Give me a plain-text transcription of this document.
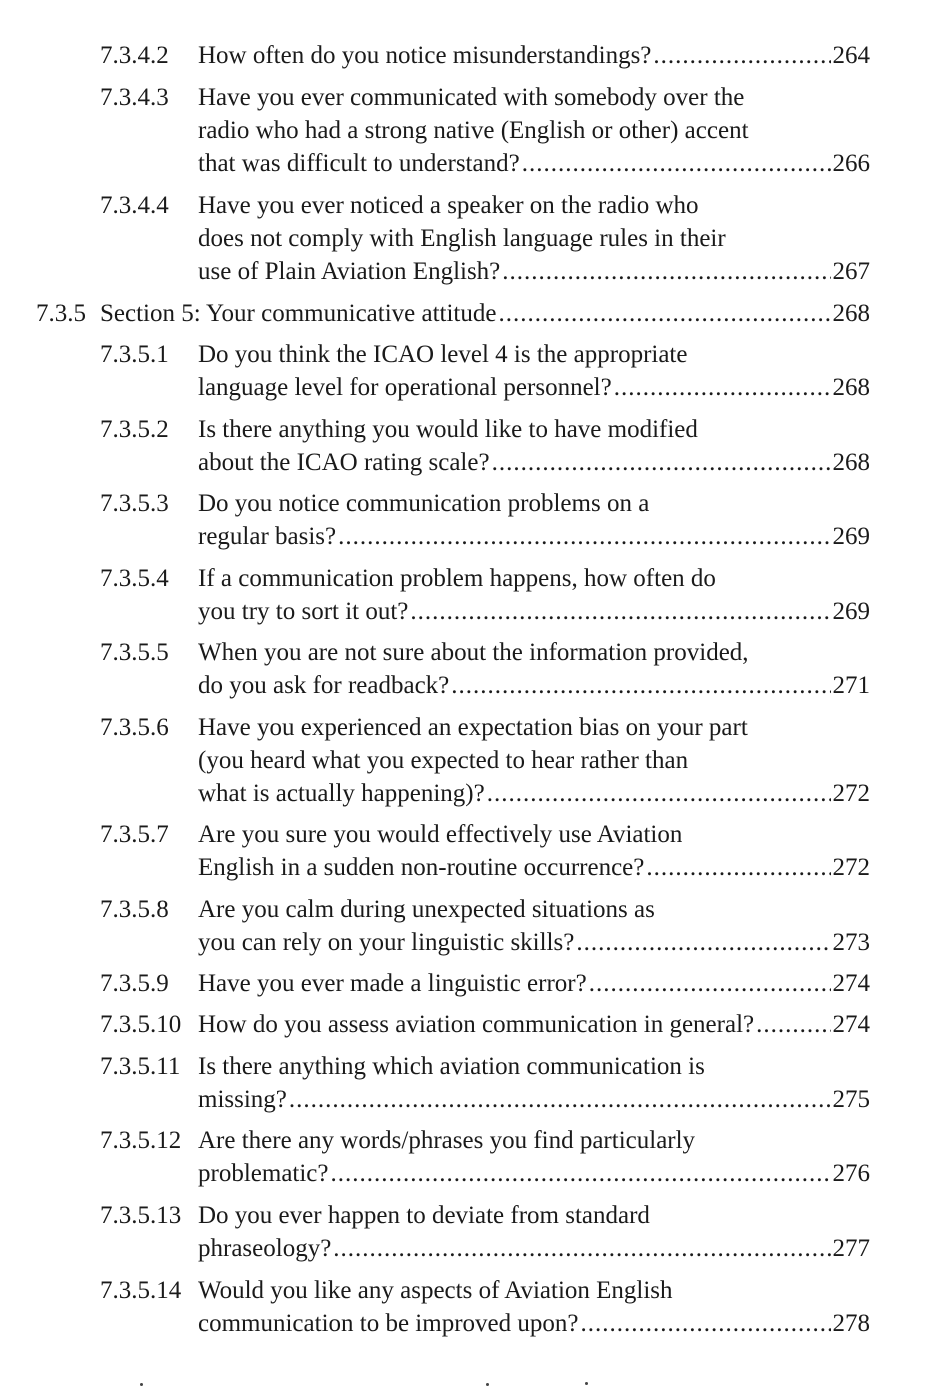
7.3.4.2 How often do you notice misunderstandings? .....	264
7.3.4.3 Have you ever communicated with somebody over the
radio who had a strong native (English or other) accent
that was difficult to understand? .....	266
7.3.4.4 Have you ever noticed a speaker on the radio who
does not comply with English language rules in their
use of Plain Aviation English? .....	267
7.3.5 Section 5: Your communicative attitude .....	268
7.3.5.1 Do you think the ICAO level 4 is the appropriate
language level for operational personnel? .....	268
7.3.5.2 Is there anything you would like to have modified
about the ICAO rating scale? .....	268
7.3.5.3 Do you notice communication problems on a
regular basis? .....	269
7.3.5.4 If a communication problem happens, how often do
you try to sort it out? .....	269
7.3.5.5 When you are not sure about the information provided,
do you ask for readback? .....	271
7.3.5.6 Have you experienced an expectation bias on your part
(you heard what you expected to hear rather than
what is actually happening)? .....	272
7.3.5.7 Are you sure you would effectively use Aviation
English in a sudden non-routine occurrence? .....	272
7.3.5.8 Are you calm during unexpected situations as
you can rely on your linguistic skills? .....	273
7.3.5.9 Have you ever made a linguistic error? .....	274
7.3.5.10 How do you assess aviation communication in general? .....	274
7.3.5.11 Is there anything which aviation communication is
missing? .....	275
7.3.5.12 Are there any words/phrases you find particularly
problematic? .....	276
7.3.5.13 Do you ever happen to deviate from standard
phraseology? .....	277
7.3.5.14 Would you like any aspects of Aviation English
communication to be improved upon? .....	278
